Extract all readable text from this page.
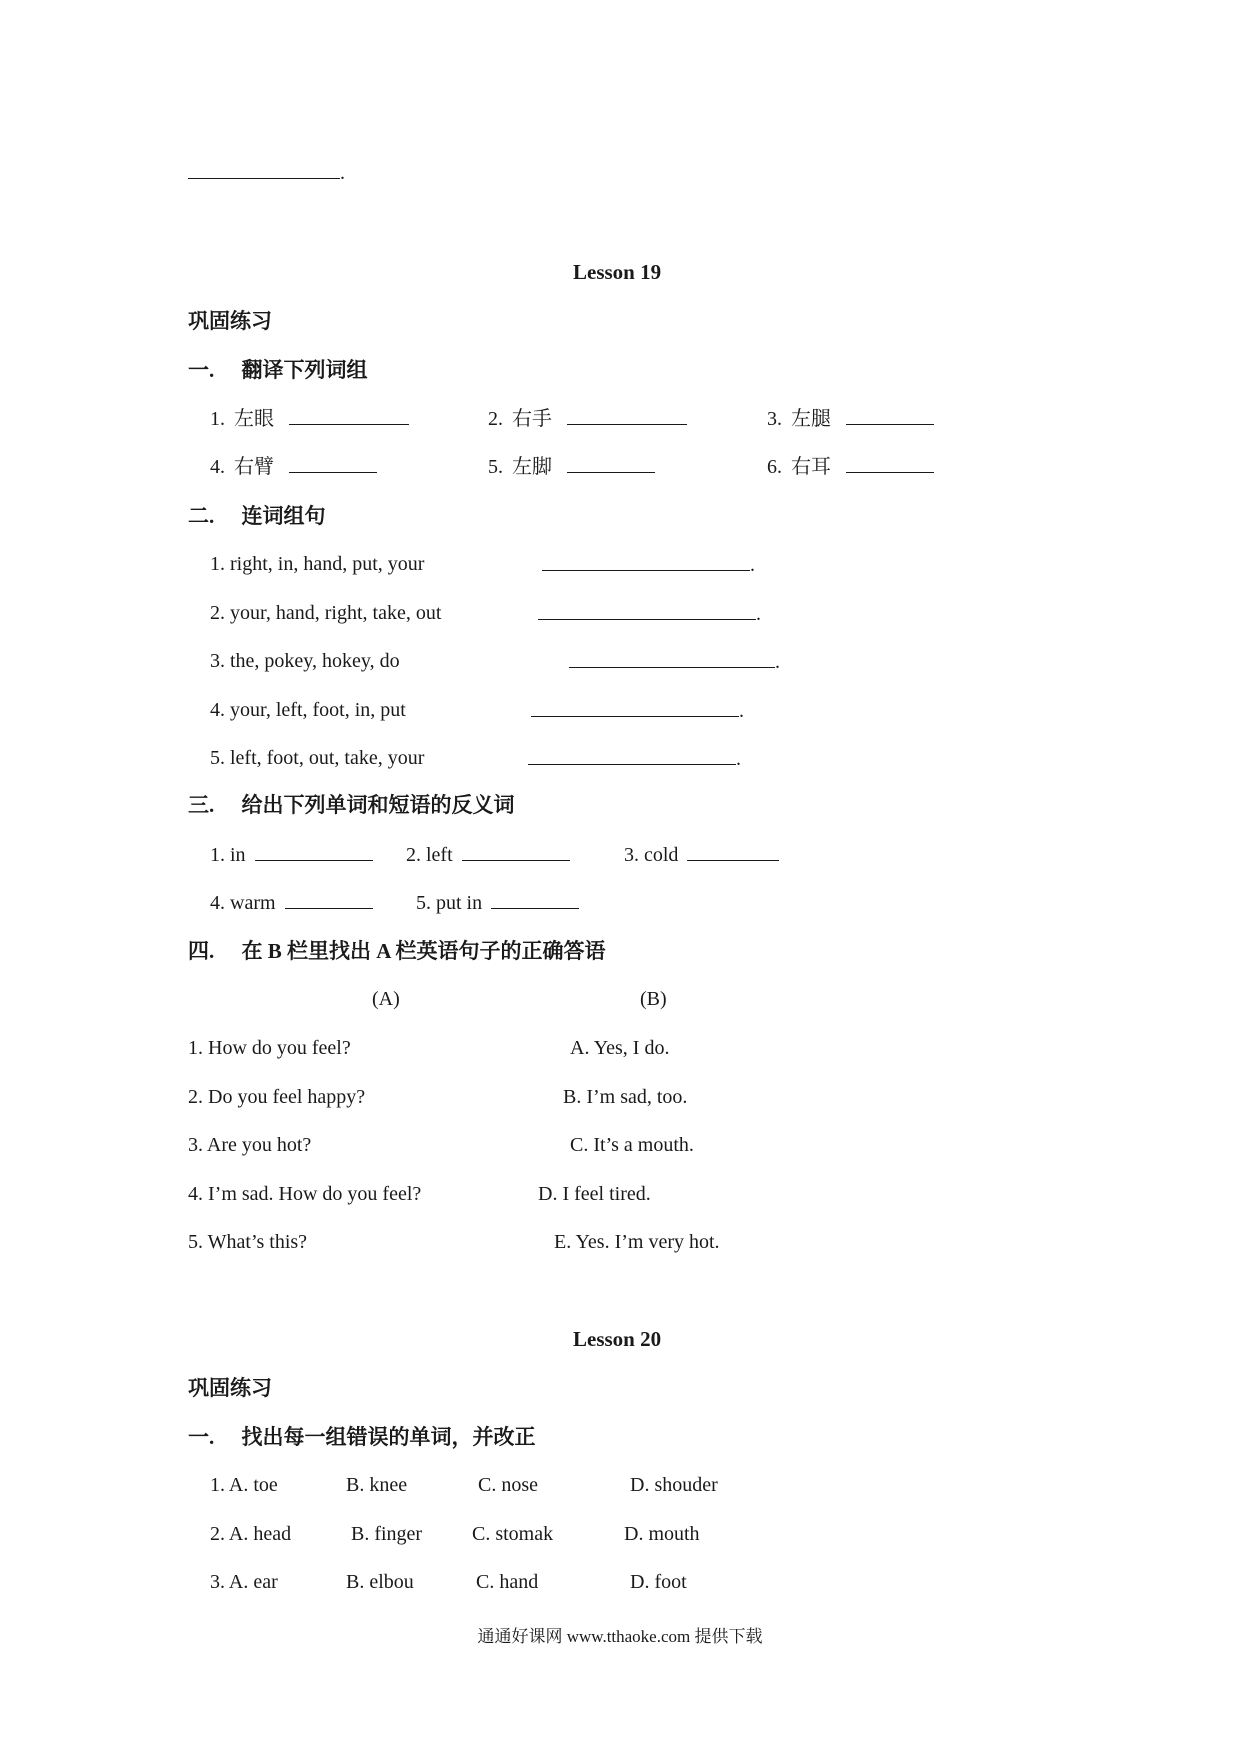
.
Lesson 19
巩固练习
一. 翻译下列词组
1. 左眼	2. 右手	3. 左腿
4. 右臂	5. 左脚	6. 右耳
二. 连词组句
1. right, in, hand, put, your	.
2. your, hand, right, take, out	.
3. the, pokey, hokey, do	.
4. your, left, foot, in, put	.
5. left, foot, out, take, your	.
三. 给出下列单词和短语的反义词
1. in	2. left	3. cold
4. warm	5. put in
四. 在 B 栏里找出 A 栏英语句子的正确答语
(A)	(B)
1. How do you feel?	A. Yes, I do.
2. Do you feel happy?	B. I’m sad, too.
3. Are you hot?	C. It’s a mouth.
4. I’m sad. How do you feel?	D. I feel tired.
5. What’s this?	E. Yes. I’m very hot.
Lesson 20
巩固练习
一. 找出每一组错误的单词，并改正
1. A. toe	B. knee	C. nose	D. shouder
2. A. head	B. finger C. stomak	D. mouth
3. A. ear	B. elbou	C. hand	D. foot
通通好课网 www.tthaoke.com 提供下载
